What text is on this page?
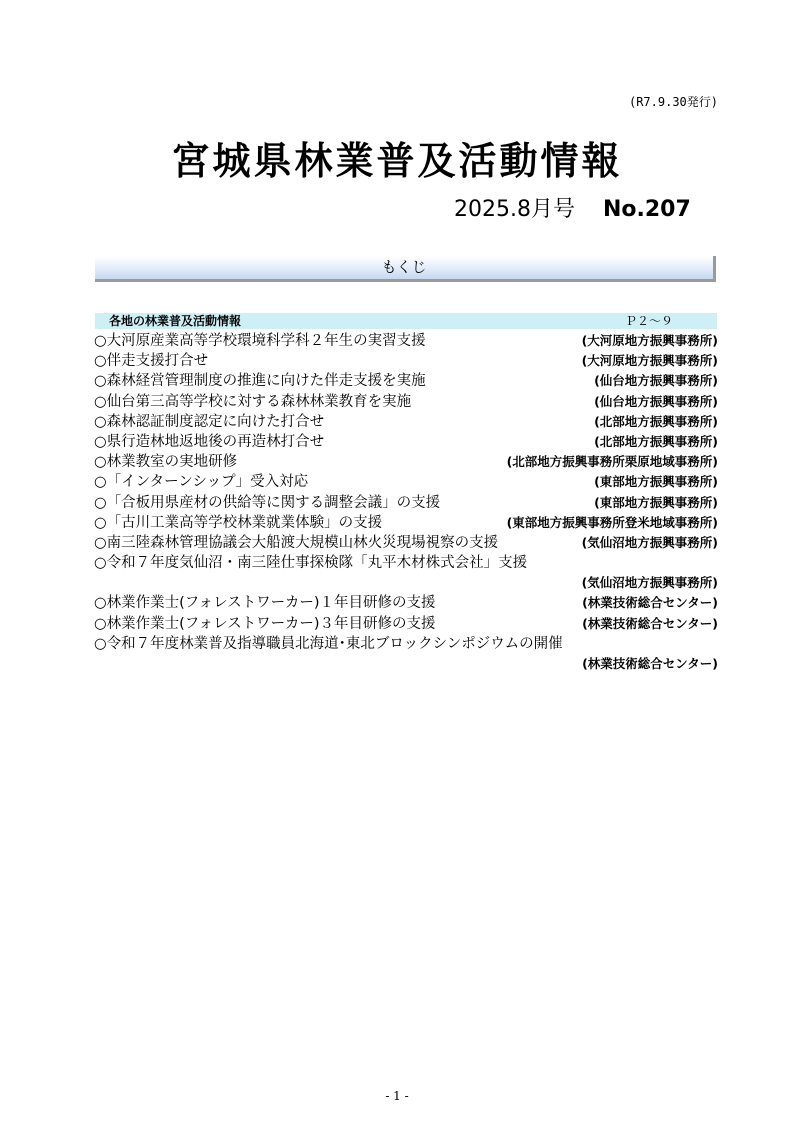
(R7.9.30発行)
宮城県林業普及活動情報
2025.8月号 No.207
もくじ
各地の林業普及活動情報	Ｐ２～９
○大河原産業高等学校環境科学科２年生の実習支援	(大河原地方振興事務所)
○伴走支援打合せ	(大河原地方振興事務所)
○森林経営管理制度の推進に向けた伴走支援を実施	(仙台地方振興事務所)
○仙台第三高等学校に対する森林林業教育を実施	(仙台地方振興事務所)
○森林認証制度認定に向けた打合せ	(北部地方振興事務所)
○県行造林地返地後の再造林打合せ	(北部地方振興事務所)
○林業教室の実地研修	(北部地方振興事務所栗原地域事務所)
○「インターンシップ」受入対応	(東部地方振興事務所)
○「合板用県産材の供給等に関する調整会議」の支援	(東部地方振興事務所)
○「古川工業高等学校林業就業体験」の支援	(東部地方振興事務所登米地域事務所)
○南三陸森林管理協議会大船渡大規模山林火災現場視察の支援	(気仙沼地方振興事務所)
○令和７年度気仙沼・南三陸仕事探検隊「丸平木材株式会社」支援
(気仙沼地方振興事務所)
○林業作業士(フォレストワーカー)１年目研修の支援	(林業技術総合センター)
○林業作業士(フォレストワーカー)３年目研修の支援	(林業技術総合センター)
○令和７年度林業普及指導職員北海道･東北ブロックシンポジウムの開催
(林業技術総合センター)
- 1 -
